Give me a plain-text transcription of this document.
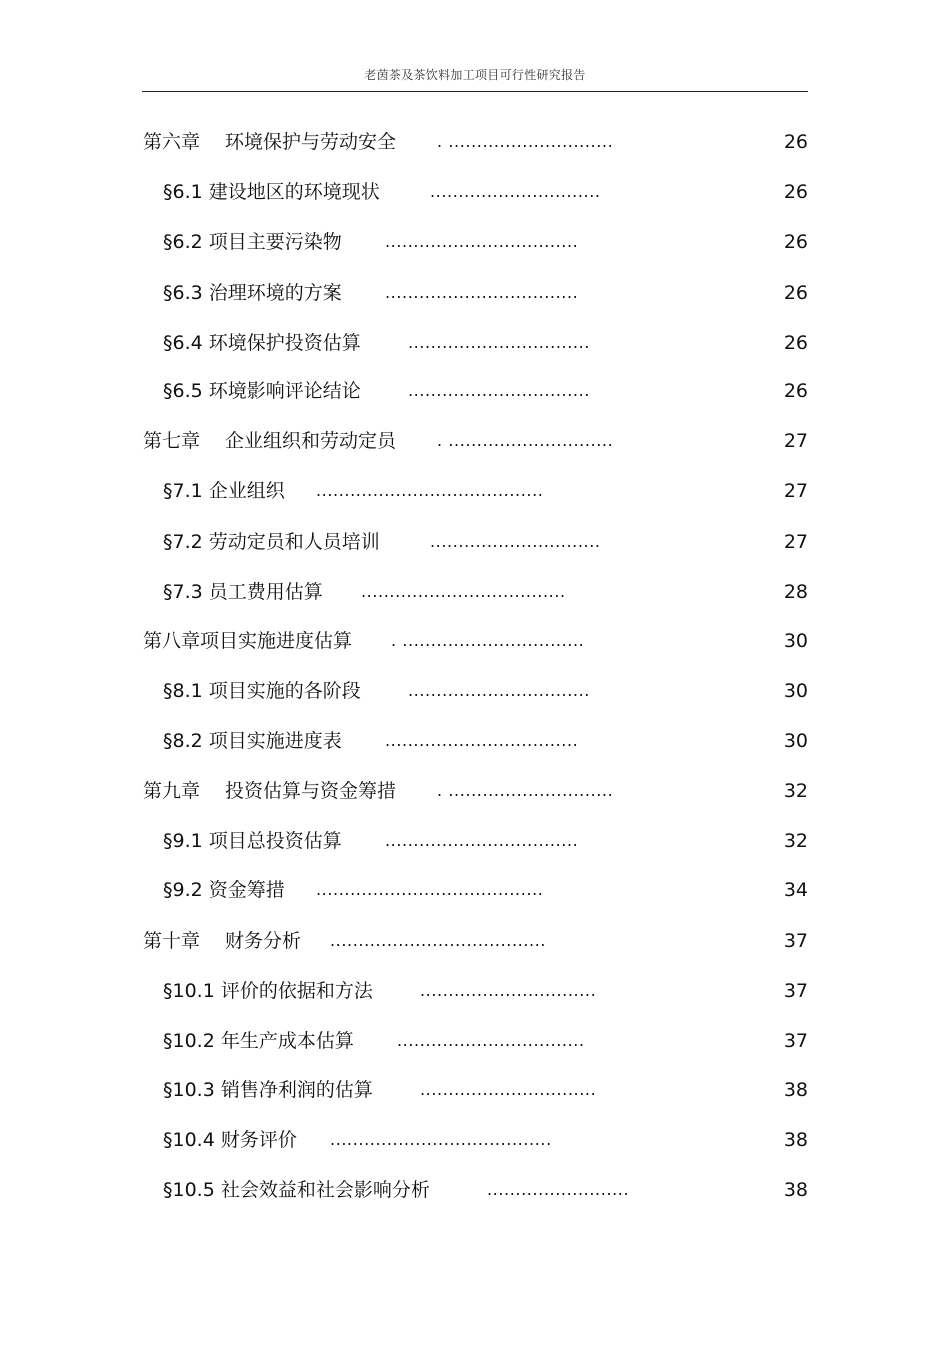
老茵茶及茶饮料加工项目可行性研究报告
第六章　 环境保护与劳动安全	. .............................	26
§6.1 建设地区的环境现状	..............................	26
§6.2 项目主要污染物	..................................	26
§6.3 治理环境的方案	..................................	26
§6.4 环境保护投资估算	................................	26
§6.5 环境影响评论结论	................................	26
第七章　 企业组织和劳动定员	. .............................	27
§7.1 企业组织 ........................................	27
§7.2 劳动定员和人员培训	..............................	27
§7.3 员工费用估算 ....................................	28
第八章项目实施进度估算 . ................................	30
§8.1 项目实施的各阶段	................................	30
§8.2 项目实施进度表	..................................	30
第九章　 投资估算与资金筹措	. .............................	32
§9.1 项目总投资估算	..................................	32
§9.2 资金筹措 ........................................	34
第十章　 财务分析 ......................................	37
§10.1 评价的依据和方法	...............................	37
§10.2 年生产成本估算	.................................	37
§10.3 销售净利润的估算	...............................	38
§10.4 财务评价 .......................................	38
§10.5 社会效益和社会影响分析	.........................	38
